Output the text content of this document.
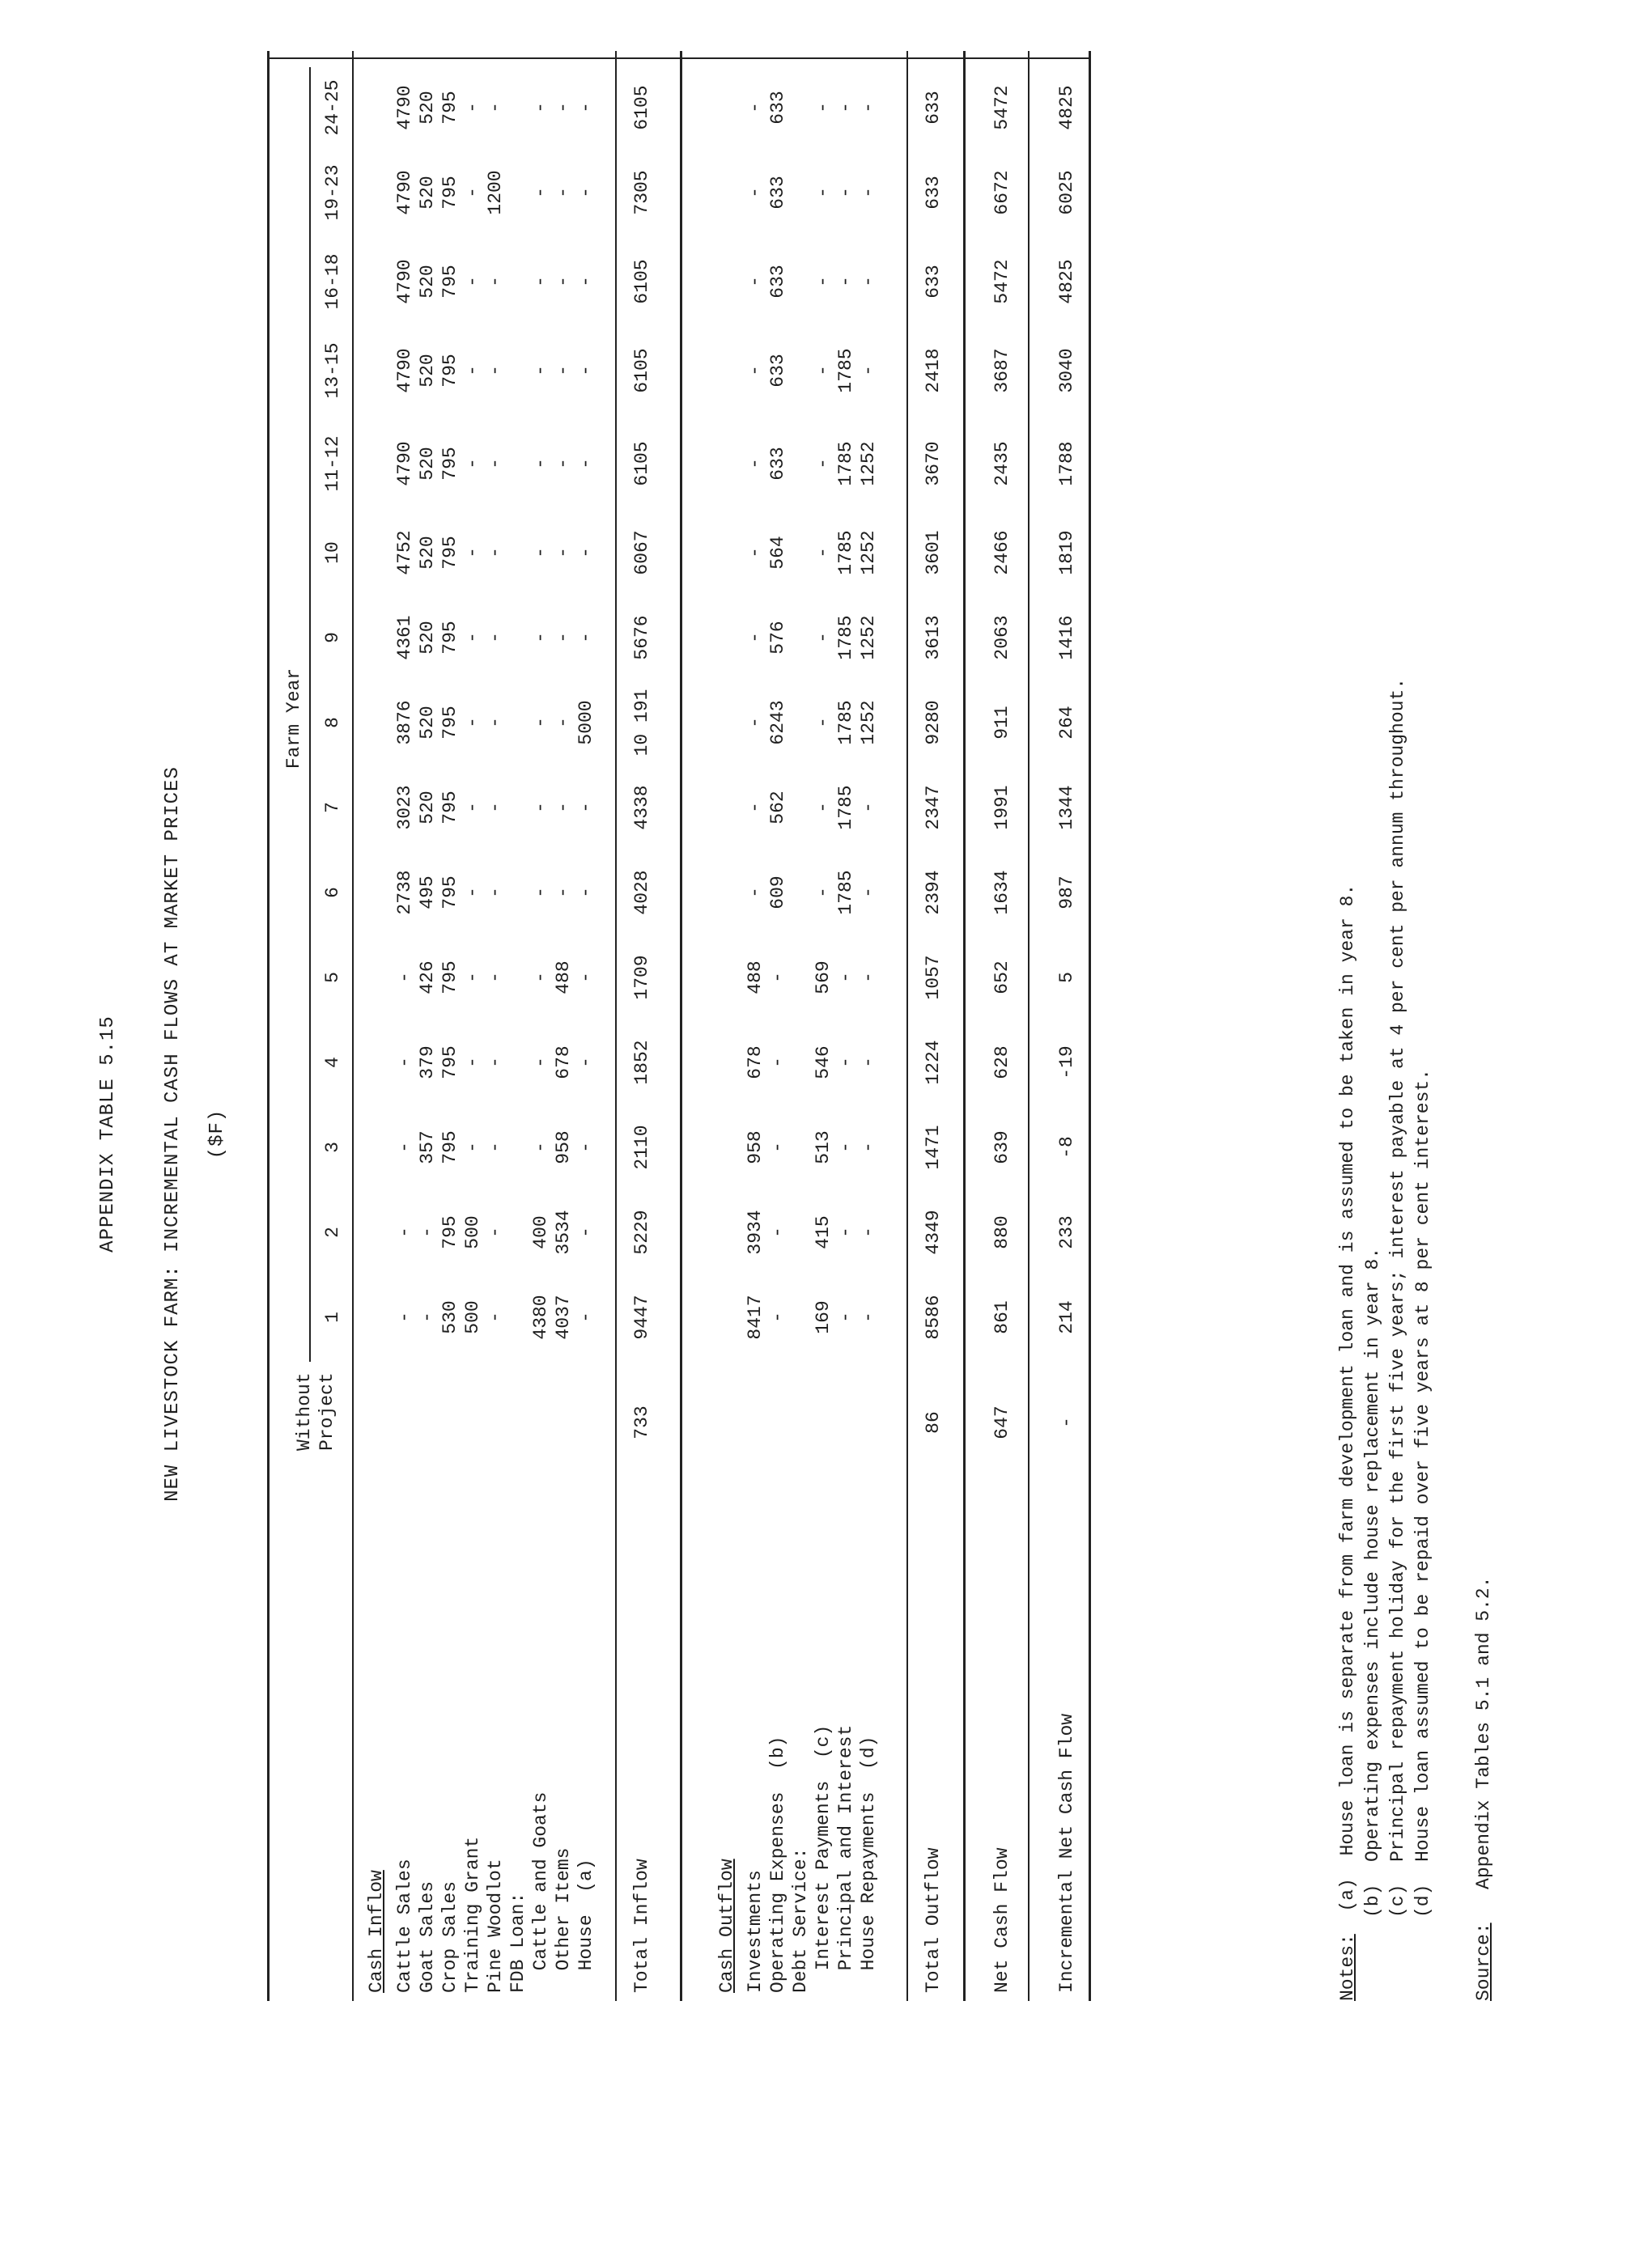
APPENDIX TABLE 5.15 NEW LIVESTOCK FARM: INCREMENTAL CASH FLOWS AT MARKET PRICES ($F)
Without Project
Farm Year
1
2
3
4
5
6
7
8
9
10
11-12
13-15
16-18
19-23
24-25
Cash Inflow Cattle Sales
-
-
-
-
-
2738
3023
3876
4361
4752
4790
4790
4790
4790
4790
Goat Sales
-
-
357
379
426
495
520
520
520
520
520
520
520
520
520
Crop Sales
530
795
795
795
795
795
795
795
795
795
795
795
795
795
795
Training Grant
500
500
-
-
-
-
-
-
-
-
-
-
-
-
-
Pine Woodlot
-
-
-
-
-
-
-
-
-
-
-
-
-
1200
-
FDB Loan: Cattle and Goats
4380
400
-
-
-
-
-
-
-
-
-
-
-
-
-
Other Items
4037
3534
958
678
488
-
-
-
-
-
-
-
-
-
-
House  (a)
-
-
-
-
-
-
-
5000
-
-
-
-
-
-
-
Total Inflow
733
9447
5229
2110
1852
1709
4028
4338
10 191
5676
6067
6105
6105
6105
7305
6105
Investments
8417
3934
958
678
488
-
-
-
-
-
-
-
-
-
-
Operating Expenses  (b)
-
-
-
-
-
609
562
6243
576
564
633
633
633
633
633
Debt Service: Interest Payments  (c)
169
415
513
546
569
-
-
-
-
-
-
-
-
-
-
Principal and Interest
-
-
-
-
-
1785
1785
1785
1785
1785
1785
1785
-
-
-
House Repayments  (d)
-
-
-
-
-
-
-
1252
1252
1252
1252
-
-
-
-
Total Outflow
86
8586
4349
1471
1224
1057
2394
2347
9280
3613
3601
3670
2418
633
633
633
Net Cash Flow
647
861
880
639
628
652
1634
1991
911
2063
2466
2435
3687
5472
6672
5472
Incremental Net Cash Flow
-
214
233
-8
-19
5
987
1344
264
1416
1819
1788
3040
4825
6025
4825
Cash Outflow	Notes:  (a)  House loan is separate from farm development loan and is assumed to be taken in year 8. (b)  Operating expenses include house replacement in year 8. (c)  Principal repayment holiday for the first five years; interest payable at 4 per cent per annum throughout. (d)  House loan assumed to be repaid over five years at 8 per cent interest.
Source:   Appendix Tables 5.1 and 5.2.
